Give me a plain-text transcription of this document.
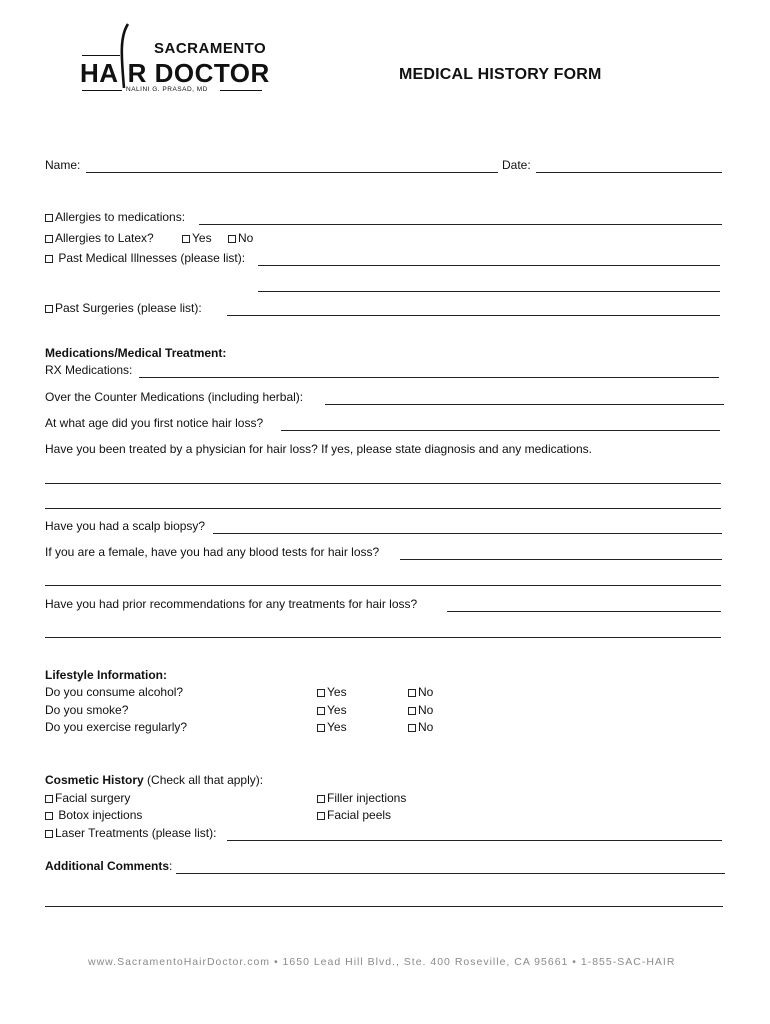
SACRAMENTO
HA R DOCTOR
NALINI G. PRASAD, MD
MEDICAL HISTORY FORM
Name:	Date:
Allergies to medications:
Allergies to Latex?	Yes	No
Past Medical Illnesses (please list):
Past Surgeries (please list):
Medications/Medical Treatment:
RX Medications:
Over the Counter Medications (including herbal):
At what age did you first notice hair loss?
Have you been treated by a physician for hair loss? If yes, please state diagnosis and any medications.
Have you had a scalp biopsy?
If you are a female, have you had any blood tests for hair loss?
Have you had prior recommendations for any treatments for hair loss?
Lifestyle Information:
Do you consume alcohol?	Yes	No
Do you smoke?	Yes	No
Do you exercise regularly?	Yes	No
Cosmetic History (Check all that apply):
Facial surgery	Filler injections
Botox injections	Facial peels
Laser Treatments (please list):
Additional Comments:
www.SacramentoHairDoctor.com • 1650 Lead Hill Blvd., Ste. 400 Roseville, CA 95661 • 1-855-SAC-HAIR
